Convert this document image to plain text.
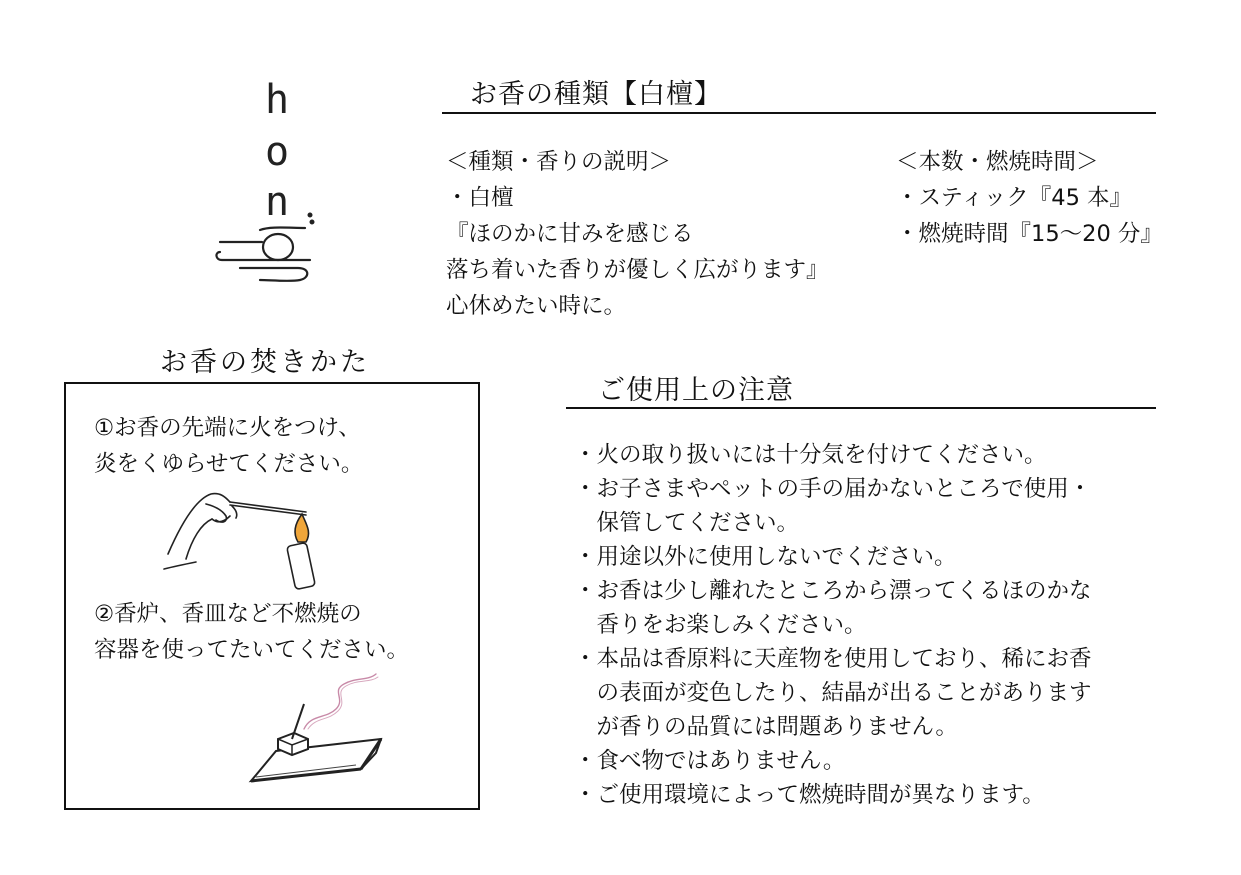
h
o
n
お香の種類【白檀】
＜種類・香りの説明＞
・白檀
『ほのかに甘みを感じる
落ち着いた香りが優しく広がります』
心休めたい時に。
＜本数・燃焼時間＞
・スティック『45 本』
・燃焼時間『15〜20 分』
お香の焚きかた
①お香の先端に火をつけ、
炎をくゆらせてください。
②香炉、香皿など不燃焼の
容器を使ってたいてください。
ご使用上の注意
・火の取り扱いには十分気を付けてください。
・お子さまやペットの手の届かないところで使用・
　保管してください。
・用途以外に使用しないでください。
・お香は少し離れたところから漂ってくるほのかな
　香りをお楽しみください。
・本品は香原料に天産物を使用しており、稀にお香
　の表面が変色したり、結晶が出ることがあります
　が香りの品質には問題ありません。
・食べ物ではありません。
・ご使用環境によって燃焼時間が異なります。
